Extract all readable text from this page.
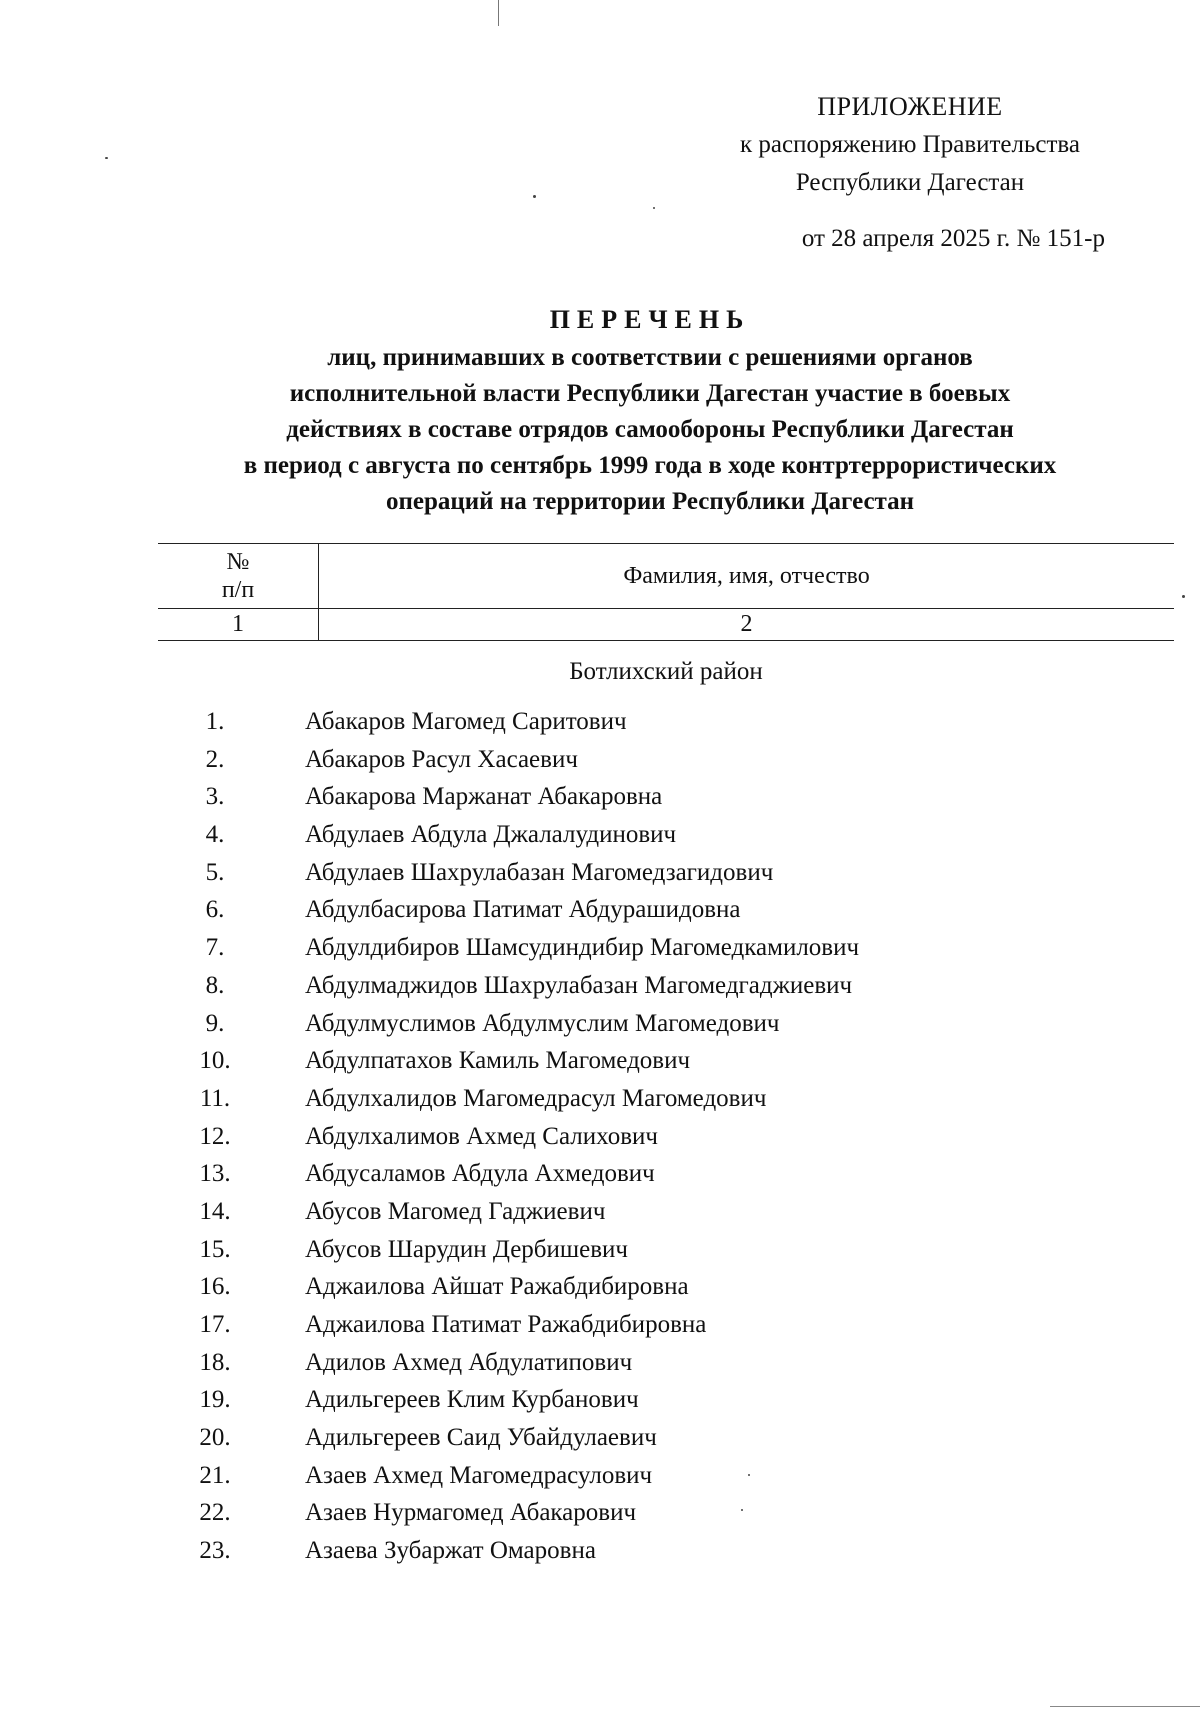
ПРИЛОЖЕНИЕ
к распоряжению Правительства
Республики Дагестан
от 28 апреля 2025 г. № 151-р
ПЕРЕЧЕНЬ
лиц, принимавших в соответствии с решениями органов
исполнительной власти Республики Дагестан участие в боевых
действиях в составе отрядов самообороны Республики Дагестан
в период с августа по сентябрь 1999 года в ходе контртеррористических
операций на территории Республики Дагестан
№
п/п	Фамилия, имя, отчество
1	2
Ботлихский район
1.	Абакаров Магомед Саритович
2.	Абакаров Расул Хасаевич
3.	Абакарова Маржанат Абакаровна
4.	Абдулаев Абдула Джалалудинович
5.	Абдулаев Шахрулабазан Магомедзагидович
6.	Абдулбасирова Патимат Абдурашидовна
7.	Абдулдибиров Шамсудиндибир Магомедкамилович
8.	Абдулмаджидов Шахрулабазан Магомедгаджиевич
9.	Абдулмуслимов Абдулмуслим Магомедович
10.	Абдулпатахов Камиль Магомедович
11.	Абдулхалидов Магомедрасул Магомедович
12.	Абдулхалимов Ахмед Салихович
13.	Абдусаламов Абдула Ахмедович
14.	Абусов Магомед Гаджиевич
15.	Абусов Шарудин Дербишевич
16.	Аджаилова Айшат Ражабдибировна
17.	Аджаилова Патимат Ражабдибировна
18.	Адилов Ахмед Абдулатипович
19.	Адильгереев Клим Курбанович
20.	Адильгереев Саид Убайдулаевич
21.	Азаев Ахмед Магомедрасулович
22.	Азаев Нурмагомед Абакарович
23.	Азаева Зубаржат Омаровна
